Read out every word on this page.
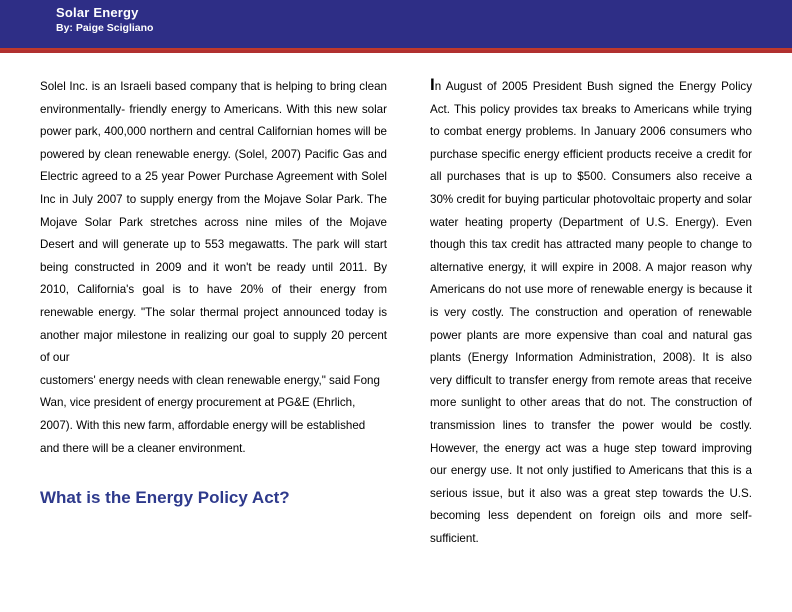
Solar Energy
By: Paige Scigliano

Solel Inc. is an Israeli based company that is helping to bring clean environmentally- friendly energy to Americans. With this new solar power park, 400,000 northern and central Californian homes will be powered by clean renewable energy. (Solel, 2007) Pacific Gas and Electric agreed to a 25 year Power Purchase Agreement with Solel Inc in July 2007 to supply energy from the Mojave Solar Park. The Mojave Solar Park stretches across nine miles of the Mojave Desert and will generate up to 553 megawatts. The park will start being constructed in 2009 and it won't be ready until 2011. By 2010, California's goal is to have 20% of their energy from renewable energy. "The solar thermal project announced today is another major milestone in realizing our goal to supply 20 percent of our

customers' energy needs with clean renewable energy," said Fong Wan, vice president of energy procurement at PG&E (Ehrlich, 2007). With this new farm, affordable energy will be established and there will be a cleaner environment.

What is the Energy Policy Act?

In August of 2005 President Bush signed the Energy Policy Act. This policy provides tax breaks to Americans while trying to combat energy problems. In January 2006 consumers who purchase specific energy efficient products receive a credit for all purchases that is up to $500. Consumers also receive a 30% credit for buying particular photovoltaic property and solar water heating property (Department of U.S. Energy). Even though this tax credit has attracted many people to change to alternative energy, it will expire in 2008. A major reason why Americans do not use more of renewable energy is because it is very costly. The construction and operation of renewable power plants are more expensive than coal and natural gas plants (Energy Information Administration, 2008). It is also very difficult to transfer energy from remote areas that receive more sunlight to other areas that do not. The construction of transmission lines to transfer the power would be costly. However, the energy act was a huge step toward improving our energy use. It not only justified to Americans that this is a serious issue, but it also was a great step towards the U.S. becoming less dependent on foreign oils and more self- sufficient.
